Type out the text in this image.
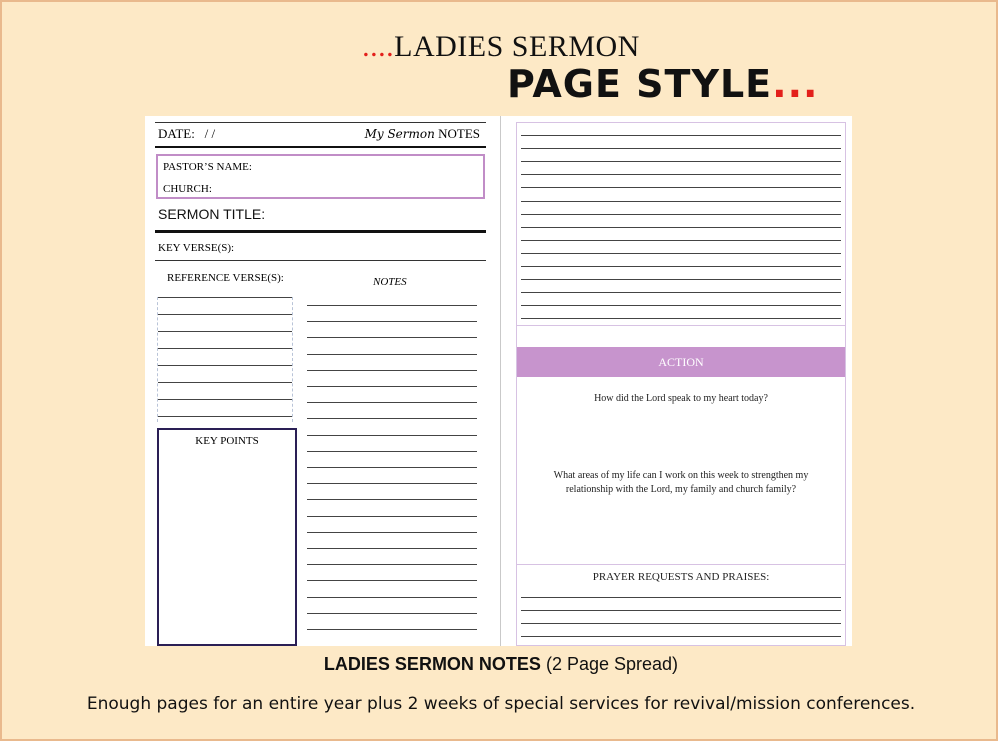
....LADIES SERMON
PAGE STYLE...
DATE: / /	My Sermon NOTES
PASTOR’S NAME:
CHURCH:
SERMON TITLE:
KEY VERSE(S):
REFERENCE VERSE(S):	NOTES
KEY POINTS
ACTION
How did the Lord speak to my heart today?
What areas of my life can I work on this week to strengthen my relationship with the Lord, my family and church family?
PRAYER REQUESTS AND PRAISES:
LADIES SERMON NOTES (2 Page Spread)
Enough pages for an entire year plus 2 weeks of special services for revival/mission conferences.
